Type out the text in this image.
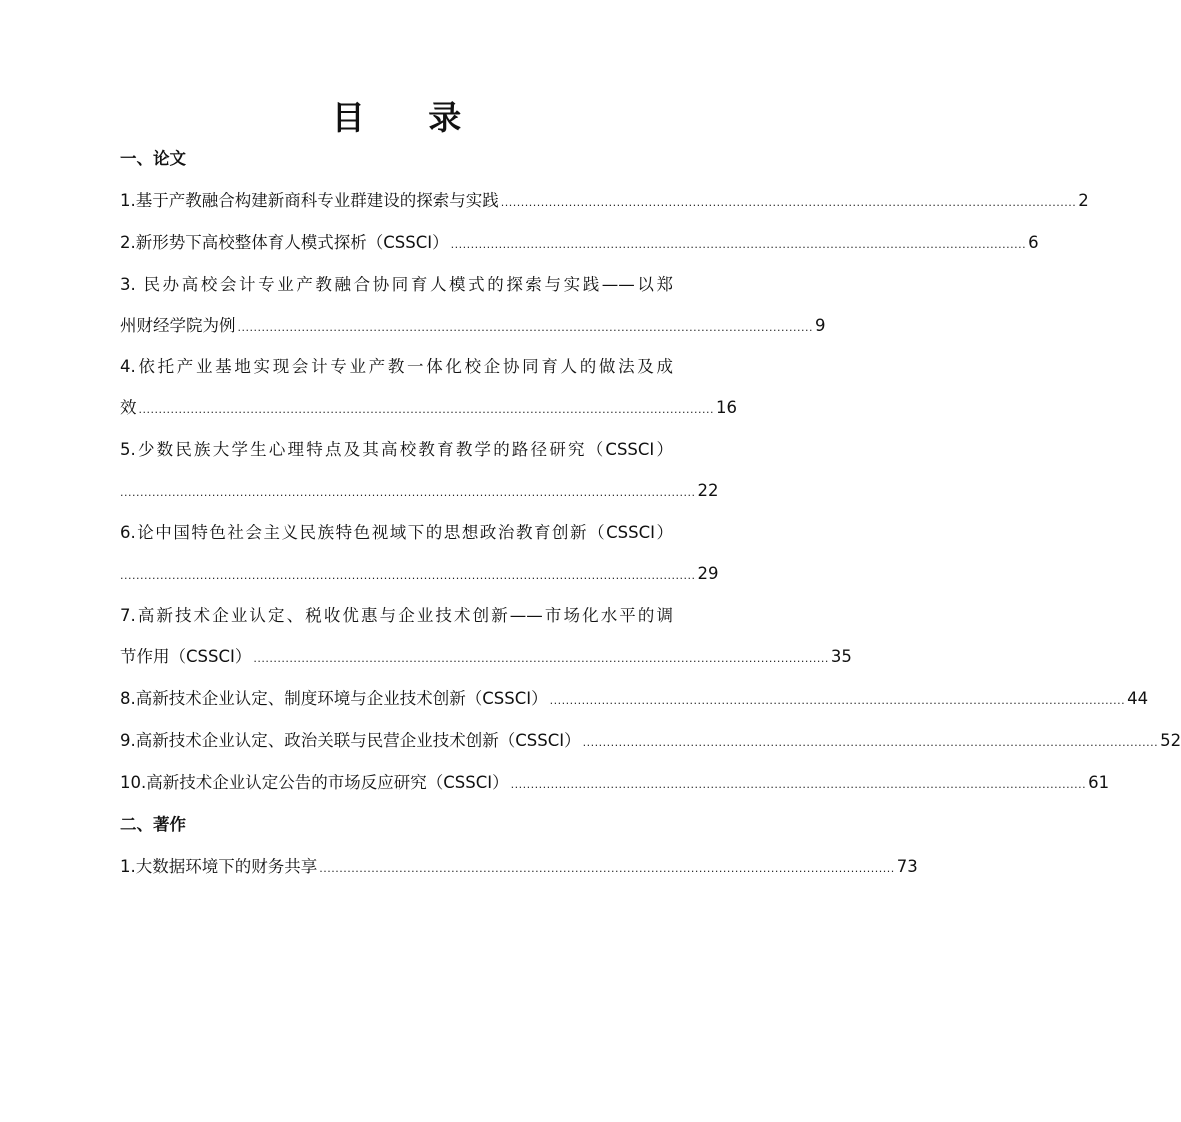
目 录
一、论文
1.基于产教融合构建新商科专业群建设的探索与实践 ................................................................................................................................................ 2
2.新形势下高校整体育人模式探析（CSSCI） ................................................................................................................................................ 6
3. 民办高校会计专业产教融合协同育人模式的探索与实践——以郑
州财经学院为例 ................................................................................................................................................ 9
4.依托产业基地实现会计专业产教一体化校企协同育人的做法及成
效 ................................................................................................................................................ 16
5.少数民族大学生心理特点及其高校教育教学的路径研究（CSSCI）
................................................................................................................................................ 22
6.论中国特色社会主义民族特色视域下的思想政治教育创新（CSSCI）
................................................................................................................................................ 29
7.高新技术企业认定、税收优惠与企业技术创新——市场化水平的调
节作用（CSSCI） ................................................................................................................................................ 35
8.高新技术企业认定、制度环境与企业技术创新（CSSCI） ................................................................................................................................................ 44
9.高新技术企业认定、政治关联与民营企业技术创新（CSSCI） ................................................................................................................................................ 52
10.高新技术企业认定公告的市场反应研究（CSSCI） ................................................................................................................................................ 61
二、著作
1.大数据环境下的财务共享 ................................................................................................................................................ 73
